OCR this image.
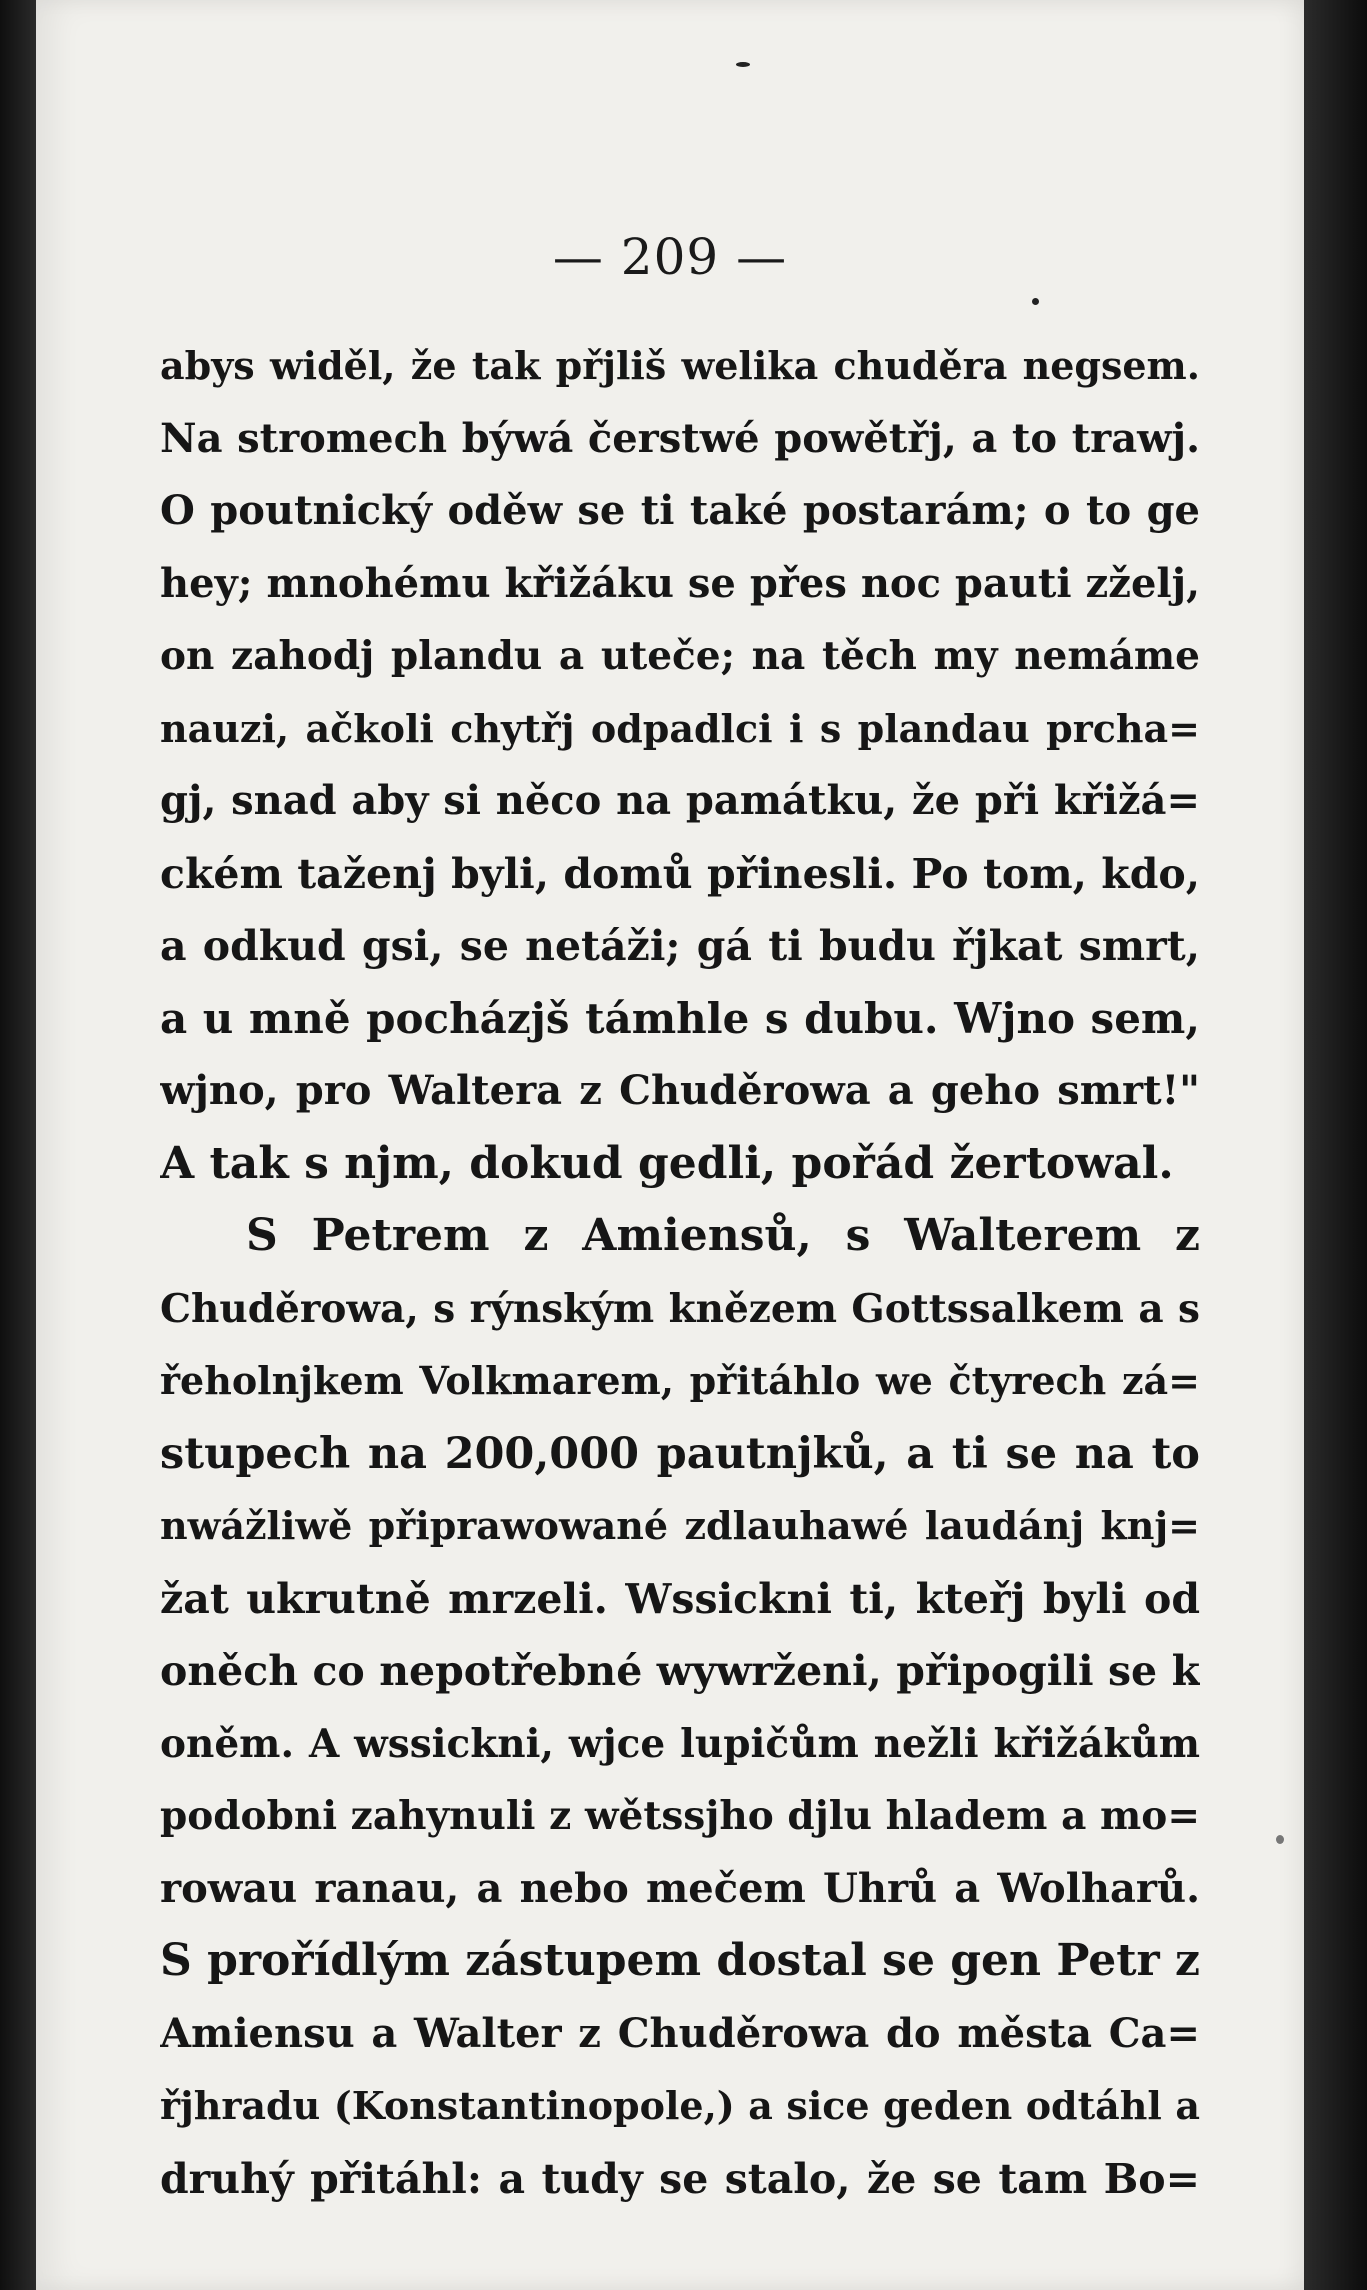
— 209 —
abys widěl, že tak přjliš welika chuděra negsem.
Na stromech býwá čerstwé powětřj, a to trawj.
O poutnický oděw se ti také postarám; o to ge
hey; mnohému křižáku se přes noc pauti zželj,
on zahodj plandu a uteče; na těch my nemáme
nauzi, ačkoli chytřj odpadlci i s plandau prcha=
gj, snad aby si něco na památku, že při křižá=
ckém taženj byli, domů přinesli. Po tom, kdo,
a odkud gsi, se netáži; gá ti budu řjkat smrt,
a u mně pocházjš támhle s dubu. Wjno sem,
wjno, pro Waltera z Chuděrowa a geho smrt!"
A tak s njm, dokud gedli, pořád žertowal.
S Petrem z Amiensů, s Walterem z
Chuděrowa, s rýnským knězem Gottssalkem a s
řeholnjkem Volkmarem, přitáhlo we čtyrech zá=
stupech na 200,000 pautnjků, a ti se na to
nwážliwě připrawowané zdlauhawé laudánj knj=
žat ukrutně mrzeli. Wssickni ti, kteřj byli od
oněch co nepotřebné wywrženi, připogili se k
oněm. A wssickni, wjce lupičům nežli křižákům
podobni zahynuli z wětssjho djlu hladem a mo=
rowau ranau, a nebo mečem Uhrů a Wolharů.
S prořídlým zástupem dostal se gen Petr z
Amiensu a Walter z Chuděrowa do města Ca=
řjhradu (Konstantinopole,) a sice geden odtáhl a
druhý přitáhl: a tudy se stalo, že se tam Bo=
